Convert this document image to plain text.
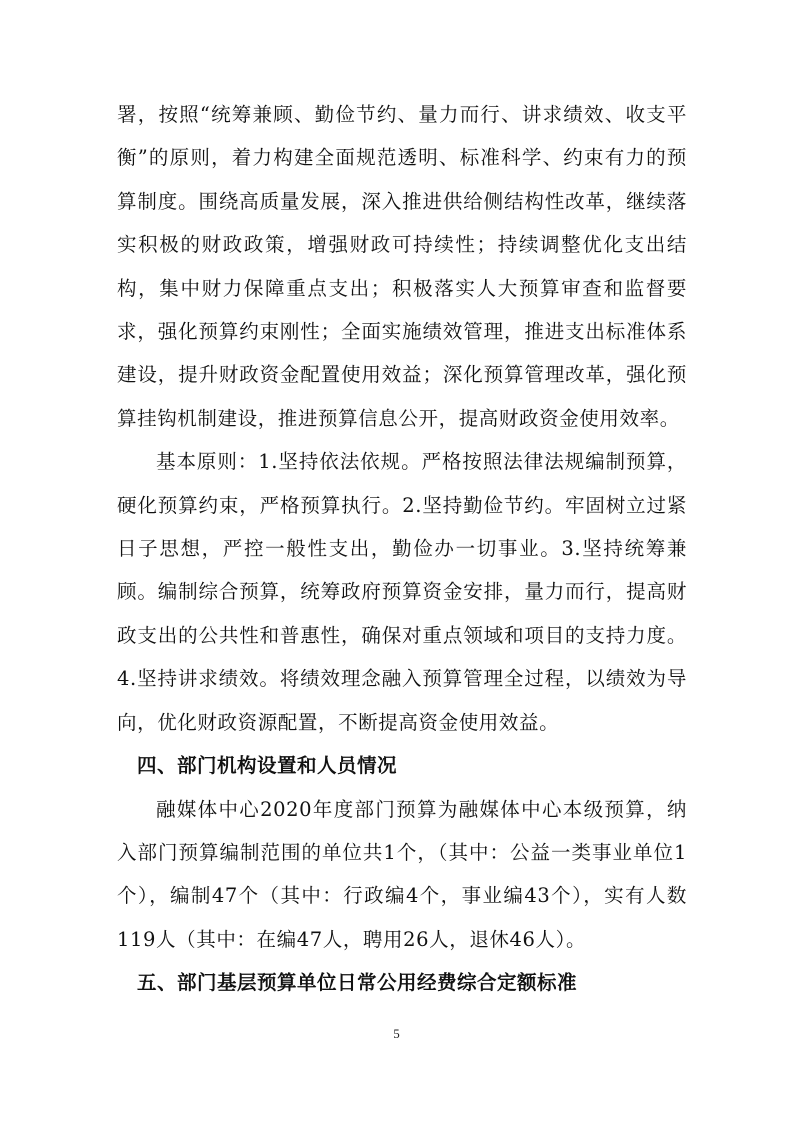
署，按照“统筹兼顾、勤俭节约、量力而行、讲求绩效、收支平衡”的原则，着力构建全面规范透明、标准科学、约束有力的预算制度。围绕高质量发展，深入推进供给侧结构性改革，继续落实积极的财政政策，增强财政可持续性；持续调整优化支出结构，集中财力保障重点支出；积极落实人大预算审查和监督要求，强化预算约束刚性；全面实施绩效管理，推进支出标准体系建设，提升财政资金配置使用效益；深化预算管理改革，强化预算挂钩机制建设，推进预算信息公开，提高财政资金使用效率。

基本原则：1.坚持依法依规。严格按照法律法规编制预算，硬化预算约束，严格预算执行。2.坚持勤俭节约。牢固树立过紧日子思想，严控一般性支出，勤俭办一切事业。3.坚持统筹兼顾。编制综合预算，统筹政府预算资金安排，量力而行，提高财政支出的公共性和普惠性，确保对重点领域和项目的支持力度。4.坚持讲求绩效。将绩效理念融入预算管理全过程，以绩效为导向，优化财政资源配置，不断提高资金使用效益。

四、部门机构设置和人员情况

融媒体中心2020年度部门预算为融媒体中心本级预算，纳入部门预算编制范围的单位共1个，（其中：公益一类事业单位1个），编制47个（其中：行政编4个，事业编43个），实有人数119人（其中：在编47人，聘用26人，退休46人）。

五、部门基层预算单位日常公用经费综合定额标准

5
